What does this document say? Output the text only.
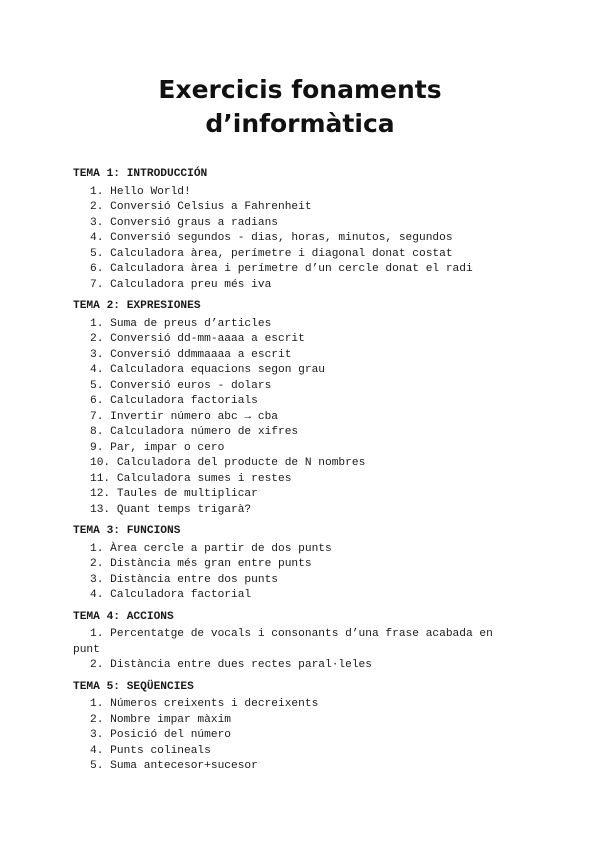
Exercicis fonaments
d’informàtica
TEMA 1: INTRODUCCIÓN
1. Hello World!
2. Conversió Celsius a Fahrenheit
3. Conversió graus a radians
4. Conversió segundos - dias, horas, minutos, segundos
5. Calculadora àrea, perímetre i diagonal donat costat
6. Calculadora àrea i perímetre d’un cercle donat el radi
7. Calculadora preu més iva
TEMA 2: EXPRESIONES
1. Suma de preus d’articles
2. Conversió dd-mm-aaaa a escrit
3. Conversió ddmmaaaa a escrit
4. Calculadora equacions segon grau
5. Conversió euros - dolars
6. Calculadora factorials
7. Invertir número abc → cba
8. Calculadora número de xifres
9. Par, impar o cero
10. Calculadora del producte de N nombres
11. Calculadora sumes i restes
12. Taules de multiplicar
13. Quant temps trigarà?
TEMA 3: FUNCIONS
1. Àrea cercle a partir de dos punts
2. Distància més gran entre punts
3. Distància entre dos punts
4. Calculadora factorial
TEMA 4: ACCIONS
1. Percentatge de vocals i consonants d’una frase acabada en
punt
2. Distància entre dues rectes paral·leles
TEMA 5: SEQÜENCIES
1. Números creixents i decreixents
2. Nombre impar màxim
3. Posició del número
4. Punts colineals
5. Suma antecesor+sucesor
